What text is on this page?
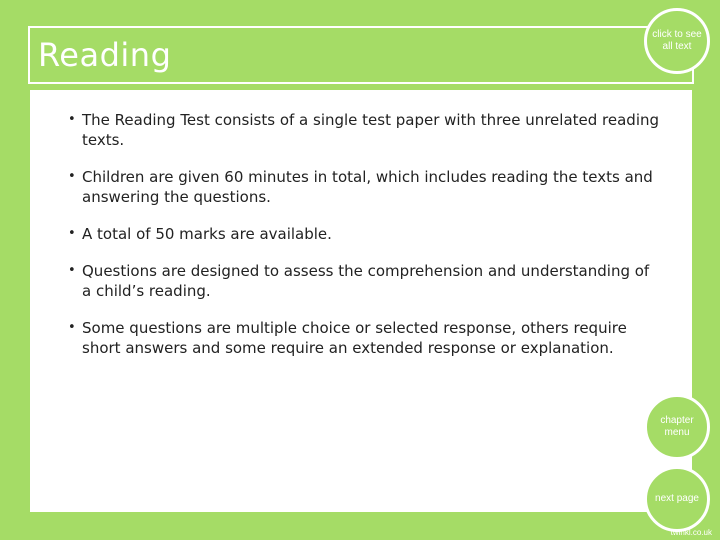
Reading
click to see all text
• The Reading Test consists of a single test paper with three unrelated reading texts.
• Children are given 60 minutes in total, which includes reading the texts and answering the questions.
• A total of 50 marks are available.
• Questions are designed to assess the comprehension and understanding of a child’s reading.
• Some questions are multiple choice or selected response, others require short answers and some require an extended response or explanation.
chapter menu
next page
twinkl.co.uk
